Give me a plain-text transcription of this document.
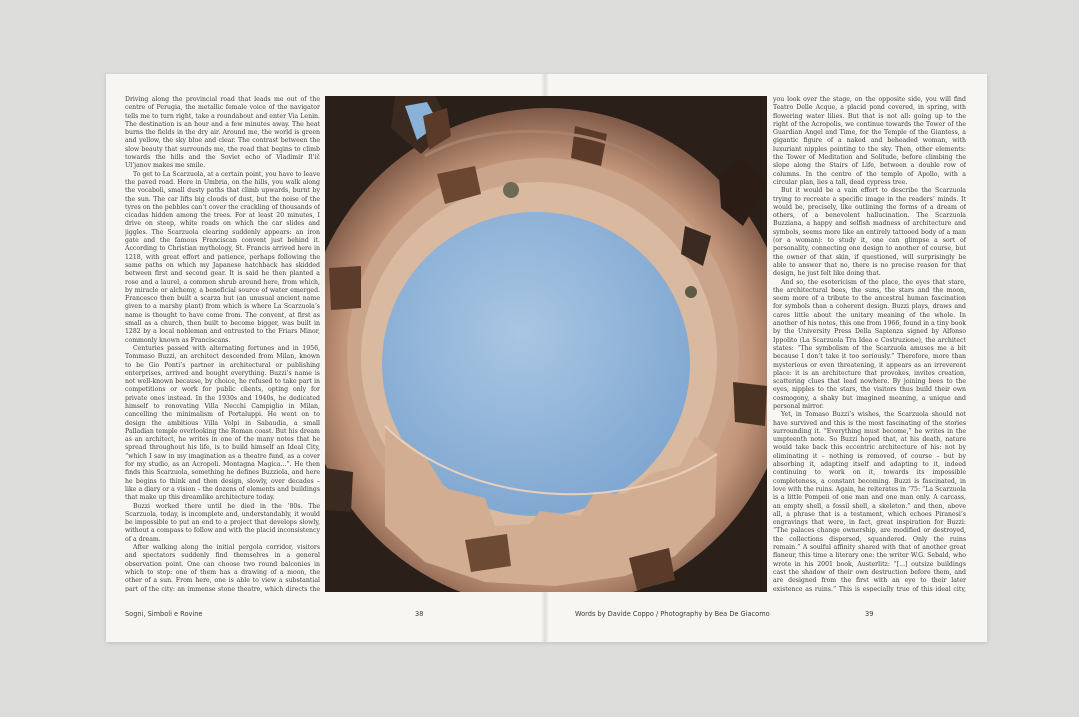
Driving along the provincial road that leads me out of the centre of Perugia, the metallic female voice of the navigator tells me to turn right, take a roundabout and enter Via Lenin. The destination is an hour and a few minutes away. The heat burns the fields in the dry air. Around me, the world is green and yellow, the sky blue and clear. The contrast between the slow beauty that surrounds me, the road that begins to climb towards the hills and the Soviet echo of Vladimir Il’ič Ul’janov makes me smile.

To get to La Scarzuola, at a certain point, you have to leave the paved road. Here in Umbria, on the hills, you walk along the vocaboli, small dusty paths that climb upwards, burnt by the sun. The car lifts big clouds of dust, but the noise of the tyres on the pebbles can’t cover the crackling of thousands of cicadas hidden among the trees. For at least 20 minutes, I drive on steep, white roads on which the car slides and jiggles. The Scarzuola clearing suddenly appears: an iron gate and the famous Franciscan convent just behind it. According to Christian mythology, St. Francis arrived here in 1218, with great effort and patience, perhaps following the same paths on which my Japanese hatchback has skidded between first and second gear. It is said he then planted a rose and a laurel, a common shrub around here, from which, by miracle or alchemy, a beneficial source of water emerged. Francesco then built a scarza hut (an unusual ancient name given to a marshy plant) from which is where La Scarzuola’s name is thought to have come from. The convent, at first as small as a church, then built to become bigger, was built in 1282 by a local nobleman and entrusted to the Friars Minor, commonly known as Franciscans.

Centuries passed with alternating fortunes and in 1956, Tommaso Buzzi, an architect descended from Milan, known to be Gio Ponti’s partner in architectural or publishing enterprises, arrived and bought everything. Buzzi’s name is not well-known because, by choice, he refused to take part in competitions or work for public clients, opting only for private ones instead. In the 1930s and 1940s, he dedicated himself to renovating Villa Necchi Campiglio in Milan, cancelling the minimalism of Portaluppi. He went on to design the ambitious Villa Volpi in Sabaudia, a small Palladian temple overlooking the Roman coast. But his dream as an architect, he writes in one of the many notes that he spread throughout his life, is to build himself an Ideal City, “which I saw in my imagination as a theatre fund, as a cover for my studio, as an Acropoli. Montagna Magica...”. He then finds this Scarzuola, something he defines Buzziola, and here he begins to think and then design, slowly, over decades – like a diary or a vision – the dozens of elements and buildings that make up this dreamlike architecture today.

Buzzi worked there until he died in the ’80s. The Scarzuola, today, is incomplete and, understandably, it would be impossible to put an end to a project that develops slowly, without a compass to follow and with the placid inconsistency of a dream.

After walking along the initial pergola corridor, visitors and spectators suddenly find themselves in a general observation point. One can choose two round balconies in which to stop: one of them has a drawing of a moon, the other of a sun. From here, one is able to view a substantial part of the city: an immense stone theatre, which directs the

you look over the stage, on the opposite side, you will find Teatro Delle Acque, a placid pond covered, in spring, with flowering water lilies. But that is not all: going up to the right of the Acropolis, we continue towards the Tower of the Guardian Angel and Time, for the Temple of the Giantess, a gigantic figure of a naked and beheaded woman, with luxuriant nipples pointing to the sky. Then, other elements: the Tower of Meditation and Solitude, before climbing the slope along the Stairs of Life, between a double row of columns. In the centre of the temple of Apollo, with a circular plan, lies a tall, dead cypress tree.

But it would be a vain effort to describe the Scarzuola trying to recreate a specific image in the readers’ minds. It would be, precisely, like outlining the forms of a dream of others, of a benevolent hallucination. The Scarzuola Buzziana, a happy and selfish madness of architecture and symbols, seems more like an entirely tattooed body of a man (or a woman): to study it, one can glimpse a sort of personality, connecting one design to another of course, but the owner of that skin, if questioned, will surprisingly be able to answer that no, there is no precise reason for that design, he just felt like doing that.

And so, the esotericism of the place, the eyes that stare, the architectural bees, the suns, the stars and the moon, seem more of a tribute to the ancestral human fascination for symbols than a coherent design. Buzzi plays, draws and cares little about the unitary meaning of the whole. In another of his notes, this one from 1966, found in a tiny book by the University Press Della Sapienza signed by Alfonso Ippolito (La Scarzuola Tra Idea e Costruzione), the architect states: “The symbolism of the Scarzuola amuses me a bit because I don’t take it too seriously.” Therefore, more than mysterious or even threatening, it appears as an irreverent place: it is an architecture that provokes, invites creation, scattering clues that lead nowhere. By joining bees to the eyes, nipples to the stars, the visitors thus build their own cosmogony, a shaky but imagined meaning, a unique and personal mirror.

Yet, in Tomaso Buzzi’s wishes, the Scarzuola should not have survived and this is the most fascinating of the stories surrounding it. “Everything must become,” he writes in the umpteenth note. So Buzzi hoped that, at his death, nature would take back this eccentric architecture of his: not by eliminating it – nothing is removed, of course – but by absorbing it, adapting itself and adapting to it, indeed continuing to work on it, towards its impossible completeness, a constant becoming. Buzzi is fascinated, in love with the ruins. Again, he reiterates in ’75: “La Scarzuola is a little Pompeii of one man and one man only. A carcass, an empty shell, a fossil shell, a skeleton.” and then, above all, a phrase that is a testament, which echoes Piranesi’s engravings that were, in fact, great inspiration for Buzzi: “The palaces change ownership, are modified or destroyed, the collections dispersed, squandered. Only the ruins remain.” A soulful affinity shared with that of another great flaneur, this time a literary one: the writer W.G. Sebald, who wrote in his 2001 book, Austerlitz: “[...] outsize buildings cast the shadow of their own destruction before them, and are designed from the first with an eye to their later existence as ruins.” This is especially true of this ideal city,

Sogni, Simboli e Rovine	38	Words by Davide Coppo / Photography by Bea De Giacomo	39
